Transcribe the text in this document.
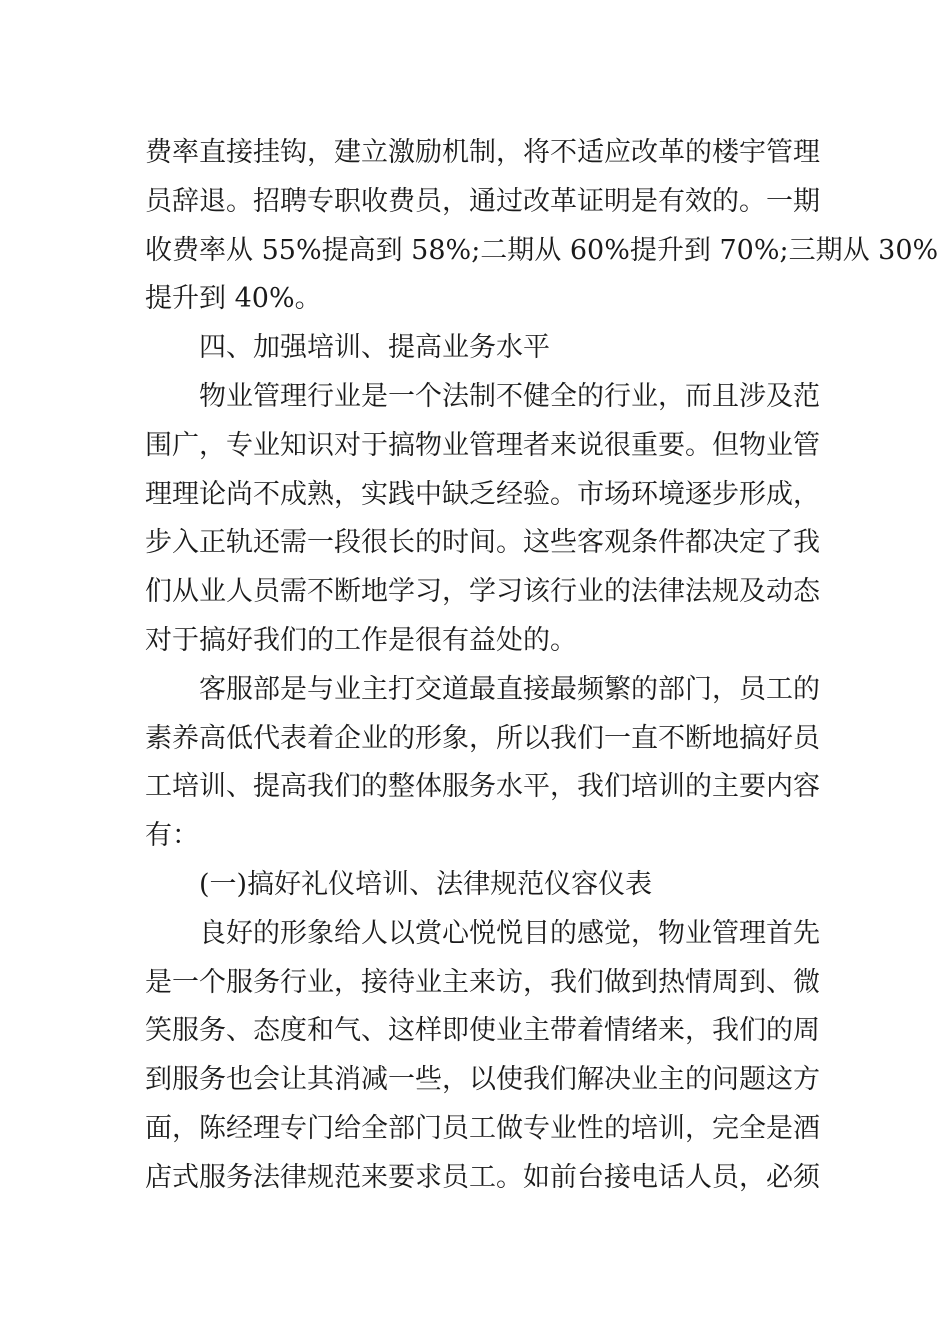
费率直接挂钩，建立激励机制，将不适应改革的楼宇管理
员辞退。招聘专职收费员，通过改革证明是有效的。一期
收费率从 55%提高到 58%;二期从 60%提升到 70%;三期从 30%
提升到 40%。
四、加强培训、提高业务水平
物业管理行业是一个法制不健全的行业，而且涉及范
围广，专业知识对于搞物业管理者来说很重要。但物业管
理理论尚不成熟，实践中缺乏经验。市场环境逐步形成，
步入正轨还需一段很长的时间。这些客观条件都决定了我
们从业人员需不断地学习，学习该行业的法律法规及动态
对于搞好我们的工作是很有益处的。
客服部是与业主打交道最直接最频繁的部门，员工的
素养高低代表着企业的形象，所以我们一直不断地搞好员
工培训、提高我们的整体服务水平，我们培训的主要内容
有：
(一)搞好礼仪培训、法律规范仪容仪表
良好的形象给人以赏心悦悦目的感觉，物业管理首先
是一个服务行业，接待业主来访，我们做到热情周到、微
笑服务、态度和气、这样即使业主带着情绪来，我们的周
到服务也会让其消减一些，以使我们解决业主的问题这方
面，陈经理专门给全部门员工做专业性的培训，完全是酒
店式服务法律规范来要求员工。如前台接电话人员，必须
